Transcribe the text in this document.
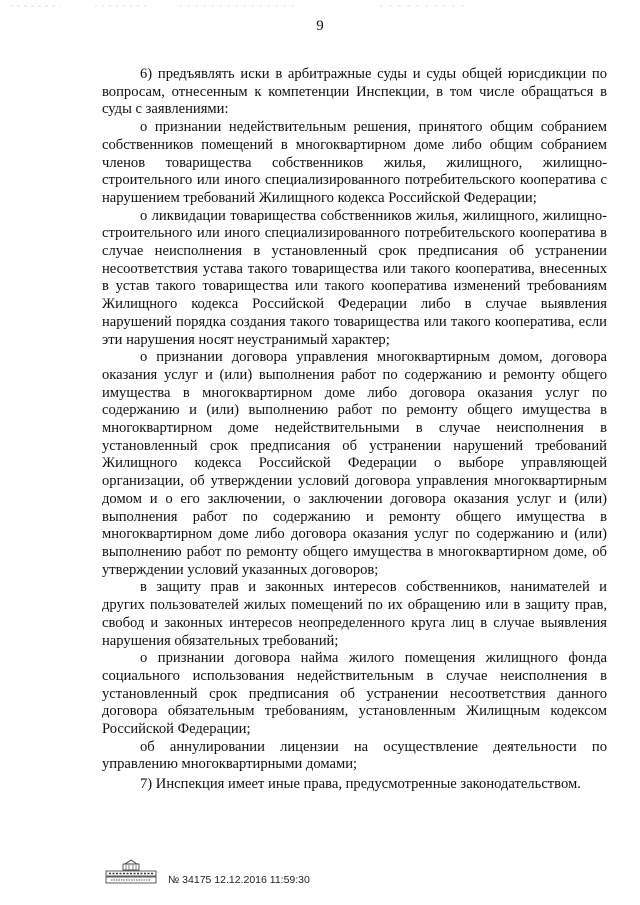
9

6) предъявлять иски в арбитражные суды и суды общей юрисдикции по вопросам, отнесенным к компетенции Инспекции, в том числе обращаться в суды с заявлениями:

о признании недействительным решения, принятого общим собранием собственников помещений в многоквартирном доме либо общим собранием членов товарищества собственников жилья, жилищного, жилищно-строительного или иного специализированного потребительского кооператива с нарушением требований Жилищного кодекса Российской Федерации;

о ликвидации товарищества собственников жилья, жилищного, жилищно-строительного или иного специализированного потребительского кооператива в случае неисполнения в установленный срок предписания об устранении несоответствия устава такого товарищества или такого кооператива, внесенных в устав такого товарищества или такого кооператива изменений требованиям Жилищного кодекса Российской Федерации либо в случае выявления нарушений порядка создания такого товарищества или такого кооператива, если эти нарушения носят неустранимый характер;

о признании договора управления многоквартирным домом, договора оказания услуг и (или) выполнения работ по содержанию и ремонту общего имущества в многоквартирном доме либо договора оказания услуг по содержанию и (или) выполнению работ по ремонту общего имущества в многоквартирном доме недействительными в случае неисполнения в установленный срок предписания об устранении нарушений требований Жилищного кодекса Российской Федерации о выборе управляющей организации, об утверждении условий договора управления многоквартирным домом и о его заключении, о заключении договора оказания услуг и (или) выполнения работ по содержанию и ремонту общего имущества в многоквартирном доме либо договора оказания услуг по содержанию и (или) выполнению работ по ремонту общего имущества в многоквартирном доме, об утверждении условий указанных договоров;

в защиту прав и законных интересов собственников, нанимателей и других пользователей жилых помещений по их обращению или в защиту прав, свобод и законных интересов неопределенного круга лиц в случае выявления нарушения обязательных требований;

о признании договора найма жилого помещения жилищного фонда социального использования недействительным в случае неисполнения в установленный срок предписания об устранении несоответствия данного договора обязательным требованиям, установленным Жилищным кодексом Российской Федерации;

об аннулировании лицензии на осуществление деятельности по управлению многоквартирными домами;

7) Инспекция имеет иные права, предусмотренные законодательством.

№ 34175 12.12.2016 11:59:30
